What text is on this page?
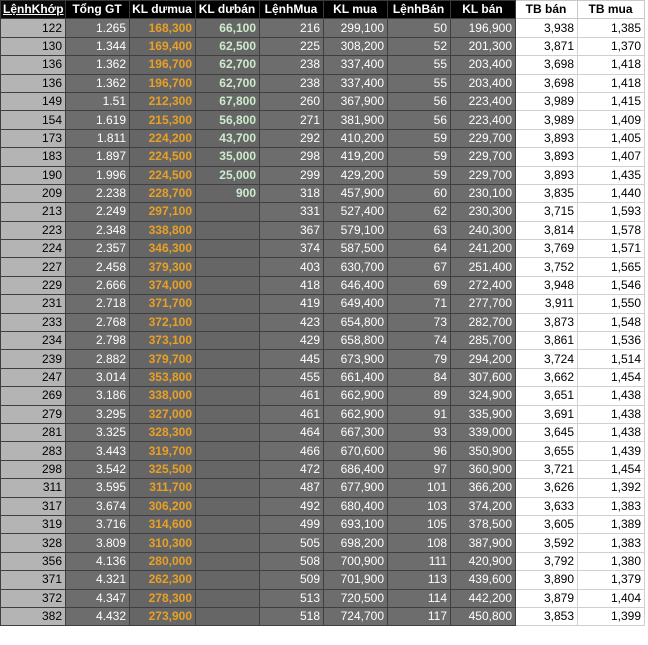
LệnhKhớp	Tổng GT	KL dưmua	KL dưbán	LệnhMua	KL mua	LệnhBán	KL bán	TB bán	TB mua
122	1.265	168,300	66,100	216	299,100	50	196,900	3,938	1,385
130	1.344	169,400	62,500	225	308,200	52	201,300	3,871	1,370
136	1.362	196,700	62,700	238	337,400	55	203,400	3,698	1,418
136	1.362	196,700	62,700	238	337,400	55	203,400	3,698	1,418
149	1.51	212,300	67,800	260	367,900	56	223,400	3,989	1,415
154	1.619	215,300	56,800	271	381,900	56	223,400	3,989	1,409
173	1.811	224,200	43,700	292	410,200	59	229,700	3,893	1,405
183	1.897	224,500	35,000	298	419,200	59	229,700	3,893	1,407
190	1.996	224,500	25,000	299	429,200	59	229,700	3,893	1,435
209	2.238	228,700	900	318	457,900	60	230,100	3,835	1,440
213	2.249	297,100		331	527,400	62	230,300	3,715	1,593
223	2.348	338,800		367	579,100	63	240,300	3,814	1,578
224	2.357	346,300		374	587,500	64	241,200	3,769	1,571
227	2.458	379,300		403	630,700	67	251,400	3,752	1,565
229	2.666	374,000		418	646,400	69	272,400	3,948	1,546
231	2.718	371,700		419	649,400	71	277,700	3,911	1,550
233	2.768	372,100		423	654,800	73	282,700	3,873	1,548
234	2.798	373,100		429	658,800	74	285,700	3,861	1,536
239	2.882	379,700		445	673,900	79	294,200	3,724	1,514
247	3.014	353,800		455	661,400	84	307,600	3,662	1,454
269	3.186	338,000		461	662,900	89	324,900	3,651	1,438
279	3.295	327,000		461	662,900	91	335,900	3,691	1,438
281	3.325	328,300		464	667,300	93	339,000	3,645	1,438
283	3.443	319,700		466	670,600	96	350,900	3,655	1,439
298	3.542	325,500		472	686,400	97	360,900	3,721	1,454
311	3.595	311,700		487	677,900	101	366,200	3,626	1,392
317	3.674	306,200		492	680,400	103	374,200	3,633	1,383
319	3.716	314,600		499	693,100	105	378,500	3,605	1,389
328	3.809	310,300		505	698,200	108	387,900	3,592	1,383
356	4.136	280,000		508	700,900	111	420,900	3,792	1,380
371	4.321	262,300		509	701,900	113	439,600	3,890	1,379
372	4.347	278,300		513	720,500	114	442,200	3,879	1,404
382	4.432	273,900		518	724,700	117	450,800	3,853	1,399
